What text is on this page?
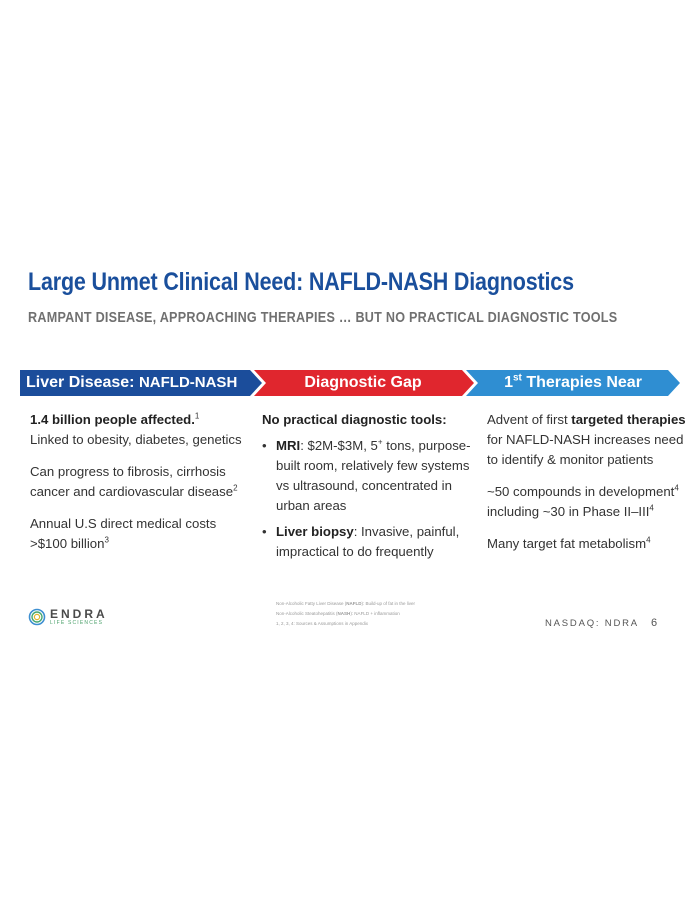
Large Unmet Clinical Need: NAFLD-NASH Diagnostics
RAMPANT DISEASE, APPROACHING THERAPIES … BUT NO PRACTICAL DIAGNOSTIC TOOLS
Liver Disease: NAFLD-NASH	Diagnostic Gap	1st Therapies Near

1.4 billion people affected.$^1$
Linked to obesity, diabetes, genetics

Can progress to fibrosis, cirrhosis cancer and cardiovascular disease$^2$

Annual U.S direct medical costs >$100 billion$^3$

No practical diagnostic tools:

• MRI: $2M-$3M, 5+ tons, purpose-built room, relatively few systems vs ultrasound, concentrated in urban areas
• Liver biopsy: Invasive, painful, impractical to do frequently

Advent of first targeted therapies for NAFLD-NASH increases need to identify & monitor patients

~50 compounds in development$^4$ including ~30 in Phase II–III$^4$

Many target fat metabolism$^4$

ENDRA
LIFE SCIENCES
Non-Alcoholic Fatty Liver Disease (NAFLD): Build-up of fat in the liver
Non-Alcoholic Steatohepatitis (NASH): NAFLD + inflammation
1, 2, 3, 4: Sources & Assumptions in Appendix	NASDAQ: NDRA 6
